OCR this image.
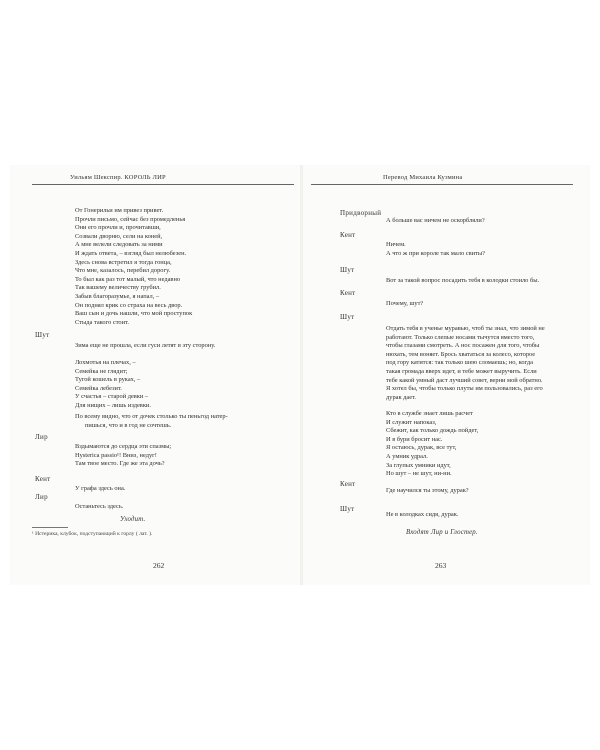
Уильям Шекспир. КОРОЛЬ ЛИР
От Гонерильи им привез привет.
Прочли письмо, сейчас без промедленья
Они его прочли и, прочитавши,
Созвали дворню, сели на коней,
А мне велели следовать за ними
И ждать ответа, – взгляд был нелюбезен.
Здесь снова встретил я тогда гонца,
Что мне, казалось, перебил дорогу.
То был как раз тот малый, что недавно
Так вашему величеству грубил.
Забыв благоразумье, я напал, –
Он поднял крик со страха на весь двор.
Ваш сын и дочь нашли, что мой проступок
Стыда такого стоит.
Шут
Зима еще не прошла, если гуси летят в эту сторону.
Лохмотья на плечах, –
Семейка не глядит;
Тугой кошель в руках, –
Семейка лебезит.
У счастья – старой девки –
Для нищих – лишь издевки.
По всему видно, что от дочек столько ты пеньгод натер-
пишься, что и в год не сочтешь.
Лир
Вздымаются до сердца эти спазмы;
Hysterica passio¹! Вниз, недуг!
Там твое место. Где же эта дочь?
Кент
У графа здесь она.
Лир
Останьтесь здесь.
Уходит.
¹ Истерика, клубок, подступающий к горлу ( лат. ).
262
Перевод Михаила Кузмина
Придворный
А больше вас ничем не оскорбляли?
Кент
Ничем.
А что ж при короле так мало свиты?
Шут
Вот за такой вопрос посадить тебя в колодки стоило бы.
Кент
Почему, шут?
Шут
Отдать тебя в ученье муравью, чтоб ты знал, что зимой не
работают. Только слепые носами тычутся вместо того,
чтобы глазами смотреть. А нос посажен для того, чтобы
нюхать, тем воняет. Брось хвататься за колесо, которое
под гору катится: так только шею сломаешь; но, когда
такая громада вверх идет, и тебе может выручить. Если
тебе какой умный даст лучший совет, верни мой обратно.
Я хотел бы, чтобы только плуты им пользовались, раз его
дурак дает.
Кто в службе знает лишь расчет
И служит напоказ,
Сбежит, как только дождь пойдет,
И в бури бросит нас.
Я остаюсь, дурак, все тут,
А умник удрал.
За глупых умники идут,
Но шут – не шут, ни-ни.
Кент
Где научился ты этому, дурак?
Шут
Не в колодках сидя, дурак.
Входят Лир и Глостер.
263
